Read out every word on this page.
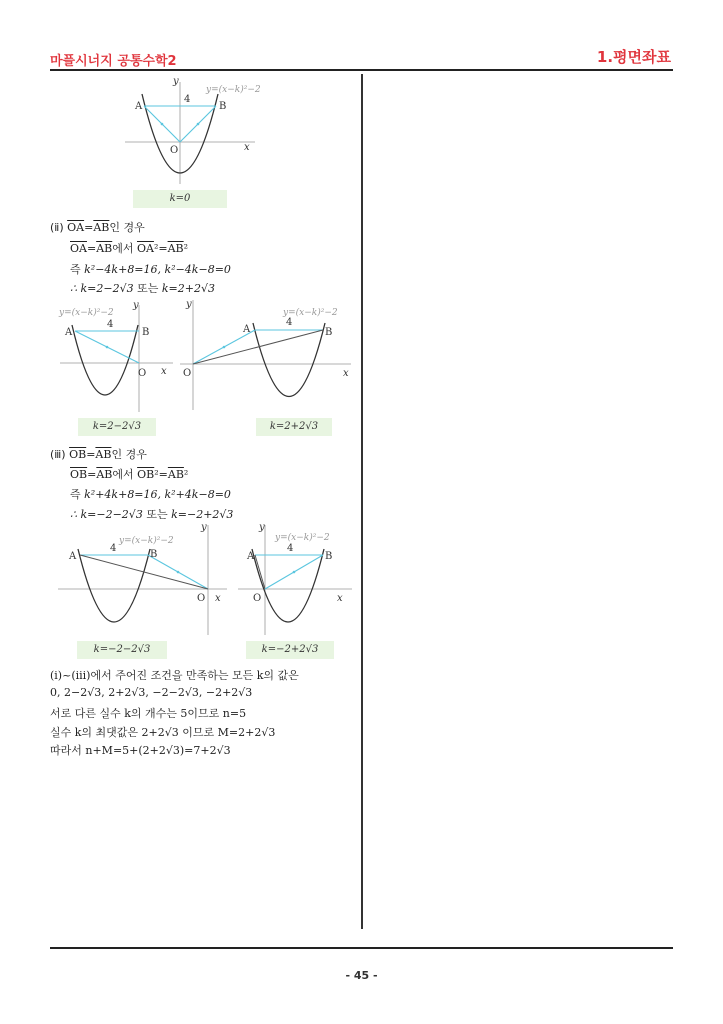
마플시너지 공통수학2	1.평면좌표
4
A	B
O	x
y
y=(x−k)²−2
k=0
(ⅱ) $\overline{OA}=\overline{AB}$인 경우
$\overline{OA}=\overline{AB}$에서 $\overline{OA}^2=\overline{AB}^2$
즉 k²−4k+8=16, k²−4k−8=0
∴ k=2−2√3 또는 k=2+2√3
4
A	B
O x
y
y=(x−k)²−2
k=2−2√3
4
A	B
O	x
y
y=(x−k)²−2
k=2+2√3
(ⅲ) $\overline{OB}=\overline{AB}$인 경우
$\overline{OB}=\overline{AB}$에서 $\overline{OB}^2=\overline{AB}^2$
즉 k²+4k+8=16, k²+4k−8=0
∴ k=−2−2√3 또는 k=−2+2√3
4
A	B
O x
y
y=(x−k)²−2
k=−2−2√3
4
A	B
O	x
y
y=(x−k)²−2
k=−2+2√3
(ⅰ)~(ⅲ)에서 주어진 조건을 만족하는 모든 k의 값은
0, 2−2√3, 2+2√3, −2−2√3, −2+2√3
서로 다른 실수 k의 개수는 5이므로 n=5
실수 k의 최댓값은 2+2√3 이므로 M=2+2√3
따라서 n+M=5+(2+2√3)=7+2√3
- 45 -
